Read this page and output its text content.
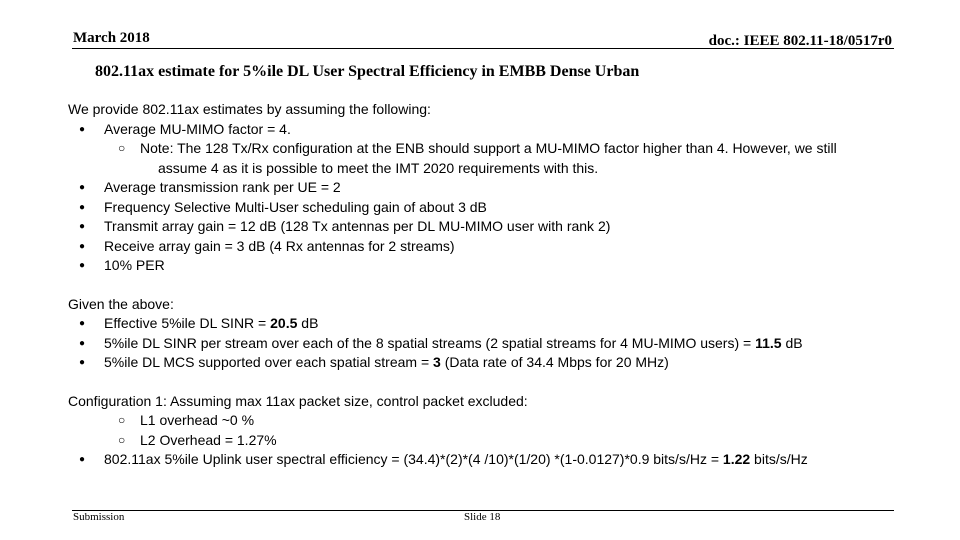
March 2018	doc.: IEEE 802.11-18/0517r0
802.11ax estimate for 5%ile DL User Spectral Efficiency in EMBB Dense Urban

We provide 802.11ax estimates by assuming the following:

● Average MU-MIMO factor = 4.
○ Note: The 128 Tx/Rx configuration at the ENB should support a MU-MIMO factor higher than 4. However, we still
assume 4 as it is possible to meet the IMT 2020 requirements with this.
● Average transmission rank per UE = 2
● Frequency Selective Multi-User scheduling gain of about 3 dB
● Transmit array gain = 12 dB (128 Tx antennas per DL MU-MIMO user with rank 2)
● Receive array gain = 3 dB (4 Rx antennas for 2 streams)
● 10% PER

Given the above:

● Effective 5%ile DL SINR = 20.5 dB
● 5%ile DL SINR per stream over each of the 8 spatial streams (2 spatial streams for 4 MU-MIMO users) = 11.5 dB
● 5%ile DL MCS supported over each spatial stream = 3 (Data rate of 34.4 Mbps for 20 MHz)

Configuration 1: Assuming max 11ax packet size, control packet excluded:

○ L1 overhead ~0 %
○ L2 Overhead = 1.27%
● 802.11ax 5%ile Uplink user spectral efficiency = (34.4)*(2)*(4 /10)*(1/20) *(1-0.0127)*0.9 bits/s/Hz = 1.22 bits/s/Hz
Submission	Slide 18
